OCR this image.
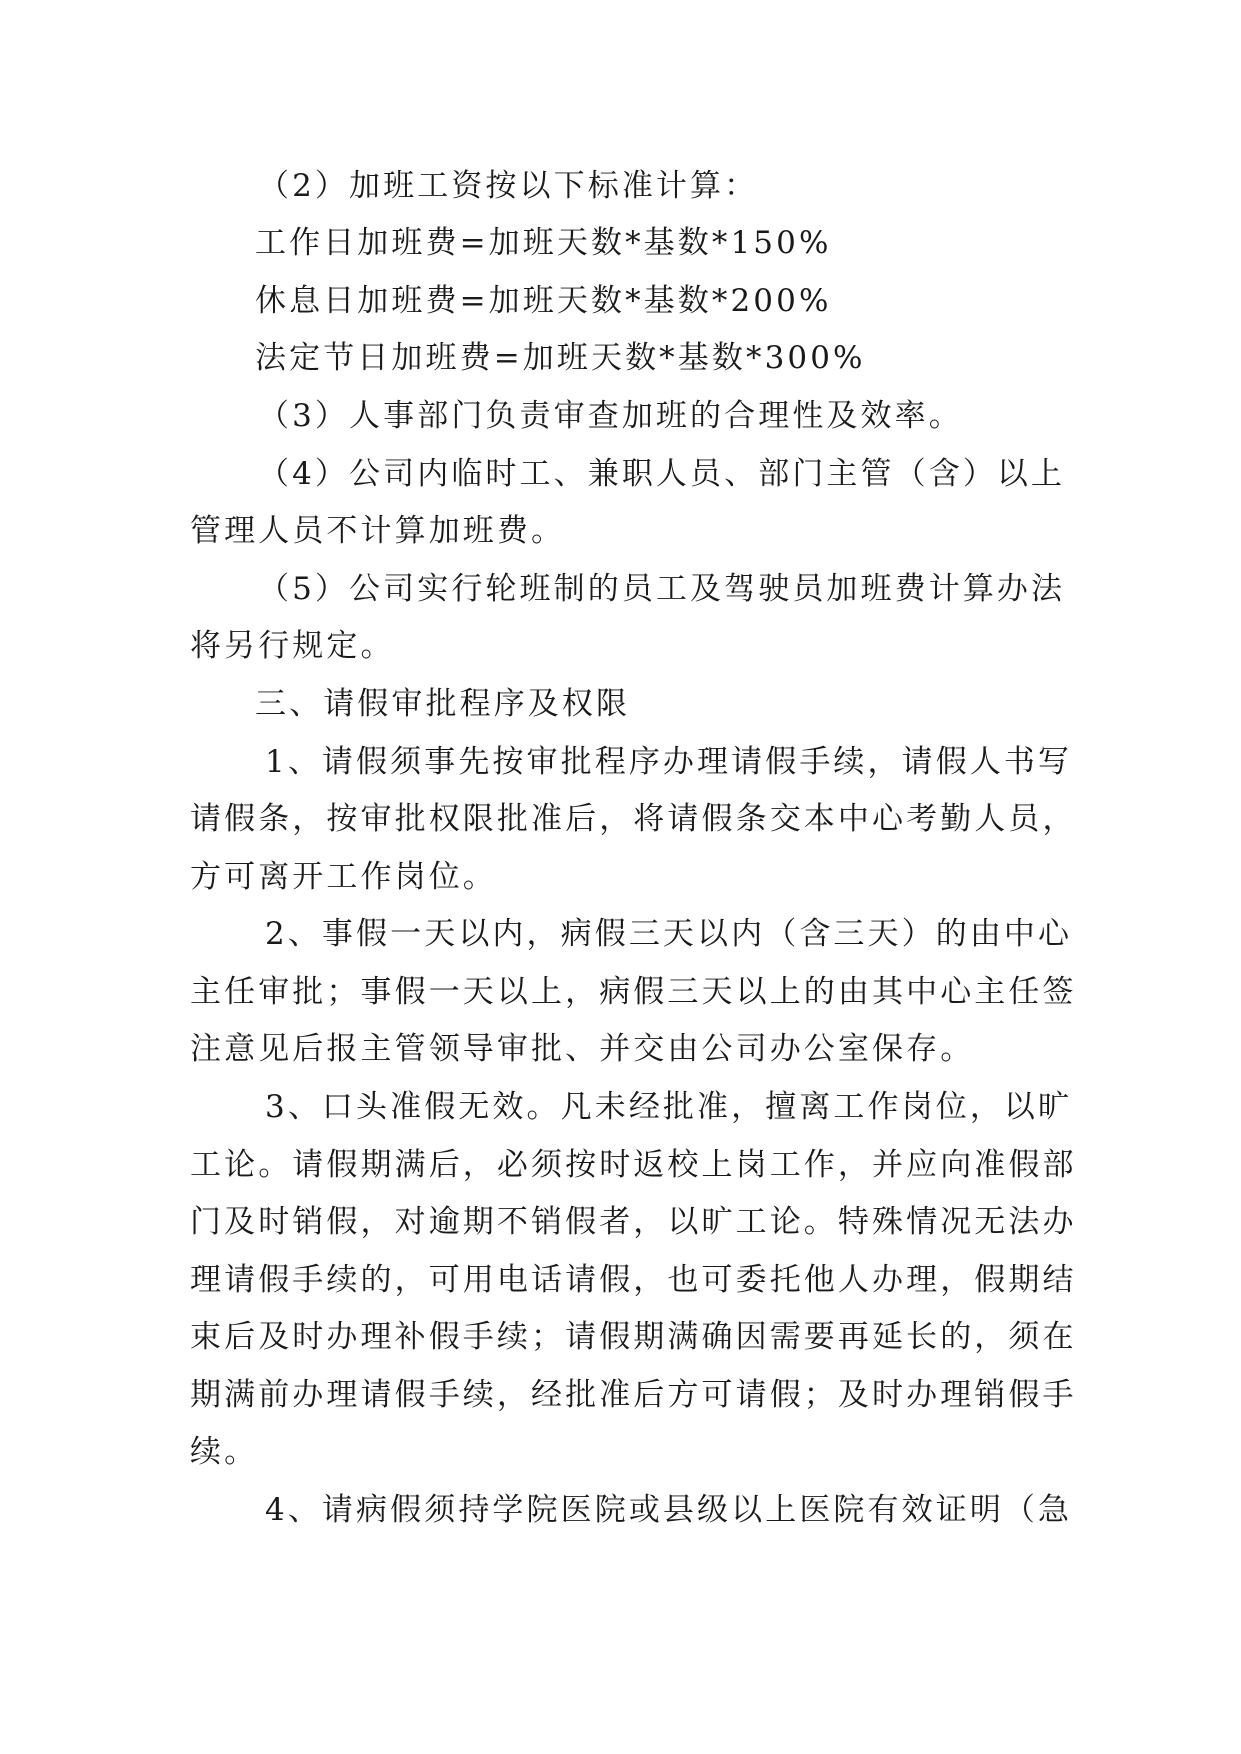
（2）加班工资按以下标准计算：
工作日加班费=加班天数*基数*150%
休息日加班费=加班天数*基数*200%
法定节日加班费=加班天数*基数*300%
（3）人事部门负责审查加班的合理性及效率。
（4）公司内临时工、兼职人员、部门主管（含）以上
管理人员不计算加班费。
（5）公司实行轮班制的员工及驾驶员加班费计算办法
将另行规定。
三、请假审批程序及权限
1、请假须事先按审批程序办理请假手续，请假人书写
请假条，按审批权限批准后，将请假条交本中心考勤人员，
方可离开工作岗位。
2、事假一天以内，病假三天以内（含三天）的由中心
主任审批；事假一天以上，病假三天以上的由其中心主任签
注意见后报主管领导审批、并交由公司办公室保存。
3、口头准假无效。凡未经批准，擅离工作岗位，以旷
工论。请假期满后，必须按时返校上岗工作，并应向准假部
门及时销假，对逾期不销假者，以旷工论。特殊情况无法办
理请假手续的，可用电话请假，也可委托他人办理，假期结
束后及时办理补假手续；请假期满确因需要再延长的，须在
期满前办理请假手续，经批准后方可请假；及时办理销假手
续。
4、请病假须持学院医院或县级以上医院有效证明（急
